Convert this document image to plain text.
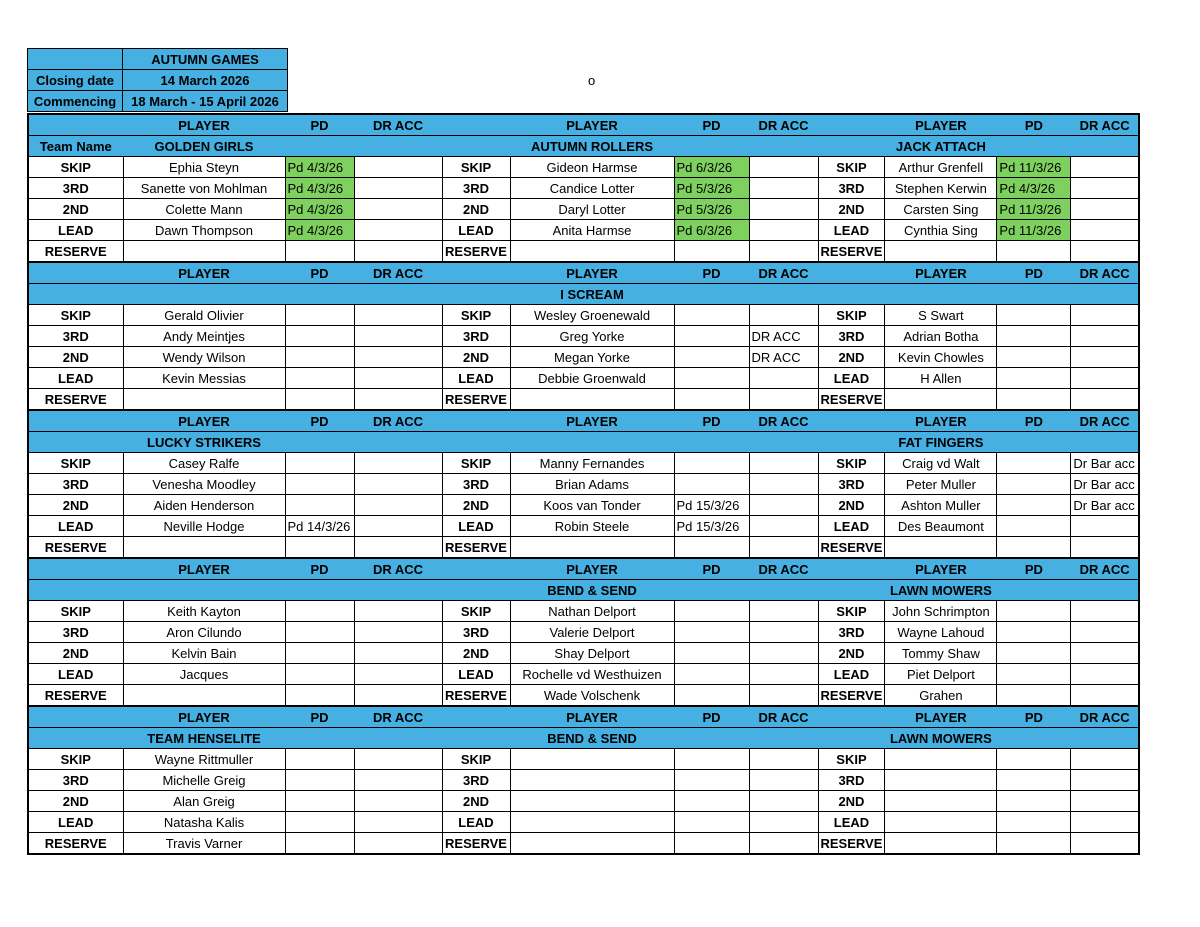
	AUTUMN GAMES
Closing date	14 March 2026
Commencing	18 March - 15 April 2026
o
	PLAYER	PD	DR ACC		PLAYER	PD	DR ACC		PLAYER	PD	DR ACC
Team Name	GOLDEN GIRLS				AUTUMN ROLLERS				JACK ATTACH		
SKIP	Ephia Steyn	Pd 4/3/26		SKIP	Gideon Harmse	Pd 6/3/26		SKIP	Arthur Grenfell	Pd 11/3/26	
3RD	Sanette von Mohlman	Pd 4/3/26		3RD	Candice Lotter	Pd 5/3/26		3RD	Stephen Kerwin	Pd 4/3/26	
2ND	Colette Mann	Pd 4/3/26		2ND	Daryl Lotter	Pd 5/3/26		2ND	Carsten Sing	Pd 11/3/26	
LEAD	Dawn Thompson	Pd 4/3/26		LEAD	Anita Harmse	Pd 6/3/26		LEAD	Cynthia Sing	Pd 11/3/26	
RESERVE				RESERVE				RESERVE			
	PLAYER	PD	DR ACC		PLAYER	PD	DR ACC		PLAYER	PD	DR ACC
					I SCREAM						
SKIP	Gerald Olivier			SKIP	Wesley Groenewald			SKIP	S Swart		
3RD	Andy Meintjes			3RD	Greg Yorke		DR ACC	3RD	Adrian Botha		
2ND	Wendy Wilson			2ND	Megan Yorke		DR ACC	2ND	Kevin Chowles		
LEAD	Kevin Messias			LEAD	Debbie Groenwald			LEAD	H Allen		
RESERVE				RESERVE				RESERVE			
	PLAYER	PD	DR ACC		PLAYER	PD	DR ACC		PLAYER	PD	DR ACC
	LUCKY STRIKERS								FAT FINGERS		
SKIP	Casey Ralfe			SKIP	Manny Fernandes			SKIP	Craig vd Walt		Dr Bar acc
3RD	Venesha Moodley			3RD	Brian Adams			3RD	Peter Muller		Dr Bar acc
2ND	Aiden Henderson			2ND	Koos van Tonder	Pd 15/3/26		2ND	Ashton Muller		Dr Bar acc
LEAD	Neville Hodge	Pd 14/3/26		LEAD	Robin Steele	Pd 15/3/26		LEAD	Des Beaumont		
RESERVE				RESERVE				RESERVE			
	PLAYER	PD	DR ACC		PLAYER	PD	DR ACC		PLAYER	PD	DR ACC
					BEND & SEND				LAWN MOWERS		
SKIP	Keith Kayton			SKIP	Nathan Delport			SKIP	John Schrimpton		
3RD	Aron Cilundo			3RD	Valerie Delport			3RD	Wayne Lahoud		
2ND	Kelvin Bain			2ND	Shay Delport			2ND	Tommy Shaw		
LEAD	Jacques			LEAD	Rochelle vd Westhuizen			LEAD	Piet Delport		
RESERVE				RESERVE	Wade Volschenk			RESERVE	Grahen		
	PLAYER	PD	DR ACC		PLAYER	PD	DR ACC		PLAYER	PD	DR ACC
	TEAM HENSELITE				BEND & SEND				LAWN MOWERS		
SKIP	Wayne Rittmuller			SKIP				SKIP			
3RD	Michelle Greig			3RD				3RD			
2ND	Alan Greig			2ND				2ND			
LEAD	Natasha Kalis			LEAD				LEAD			
RESERVE	Travis Varner			RESERVE				RESERVE			
